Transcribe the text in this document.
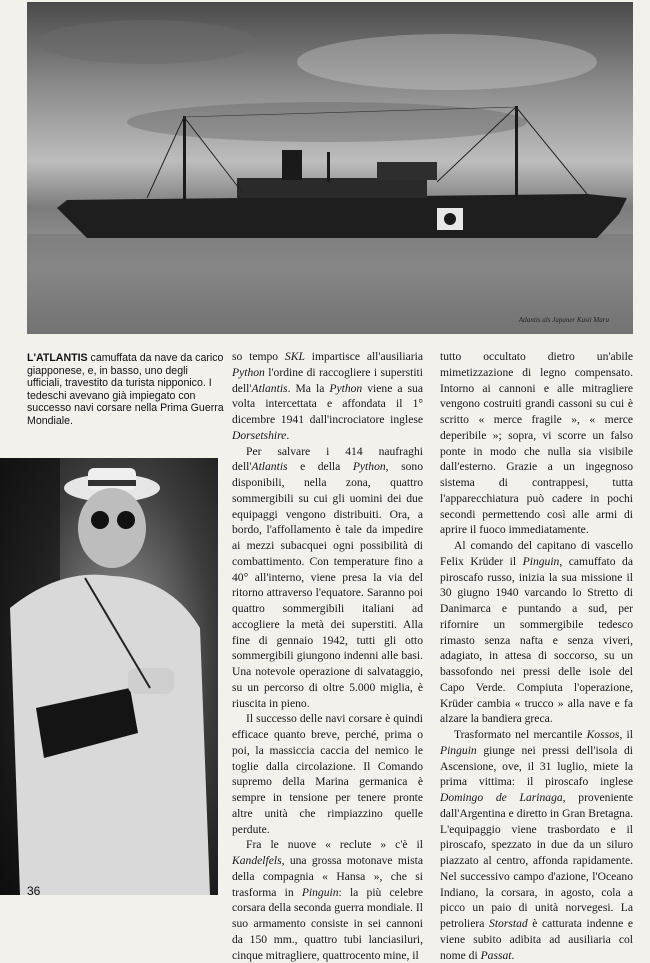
Atlantis als Japaner Kasii Maru
L'ATLANTIS camuffata da nave da carico giapponese, e, in basso, uno degli ufficiali, travestito da turista nipponico. I tedeschi avevano già impiegato con successo navi corsare nella Prima Guerra Mondiale.

so tempo SKL impartisce all'ausiliaria Python l'ordine di raccogliere i superstiti dell'Atlantis. Ma la Python viene a sua volta intercettata e affondata il 1° dicembre 1941 dall'incrociatore inglese Dorsetshire.

Per salvare i 414 naufraghi dell'Atlantis e della Python, sono disponibili, nella zona, quattro sommergibili su cui gli uomini dei due equipaggi vengono distribuiti. Ora, a bordo, l'affollamento è tale da impedire ai mezzi subacquei ogni possibilità di combattimento. Con temperature fino a 40° all'interno, viene presa la via del ritorno attraverso l'equatore. Saranno poi quattro sommergibili italiani ad accogliere la metà dei superstiti. Alla fine di gennaio 1942, tutti gli otto sommergibili giungono indenni alle basi. Una notevole operazione di salvataggio, su un percorso di oltre 5.000 miglia, è riuscita in pieno.

Il successo delle navi corsare è quindi efficace quanto breve, perché, prima o poi, la massiccia caccia del nemico le toglie dalla circolazione. Il Comando supremo della Marina germanica è sempre in tensione per tenere pronte altre unità che rimpiazzino quelle perdute.

Fra le nuove « reclute » c'è il Kandelfels, una grossa motonave mista della compagnia « Hansa », che si trasforma in Pinguin: la più celebre corsara della seconda guerra mondiale. Il suo armamento consiste in sei cannoni da 150 mm., quattro tubi lanciasiluri, cinque mitragliere, quattrocento mine, il

tutto occultato dietro un'abile mimetizzazione di legno compensato. Intorno ai cannoni e alle mitragliere vengono costruiti grandi cassoni su cui è scritto « merce fragile », « merce deperibile »; sopra, vi scorre un falso ponte in modo che nulla sia visibile dall'esterno. Grazie a un ingegnoso sistema di contrappesi, tutta l'apparecchiatura può cadere in pochi secondi permettendo così alle armi di aprire il fuoco immediatamente.

Al comando del capitano di vascello Felix Krüder il Pinguin, camuffato da piroscafo russo, inizia la sua missione il 30 giugno 1940 varcando lo Stretto di Danimarca e puntando a sud, per rifornire un sommergibile tedesco rimasto senza nafta e senza viveri, adagiato, in attesa di soccorso, su un bassofondo nei pressi delle isole del Capo Verde. Compiuta l'operazione, Krüder cambia « trucco » alla nave e fa alzare la bandiera greca.

Trasformato nel mercantile Kossos, il Pinguin giunge nei pressi dell'isola di Ascensione, ove, il 31 luglio, miete la prima vittima: il piroscafo inglese Domingo de Larinaga, proveniente dall'Argentina e diretto in Gran Bretagna. L'equipaggio viene trasbordato e il piroscafo, spezzato in due da un siluro piazzato al centro, affonda rapidamente. Nel successivo campo d'azione, l'Oceano Indiano, la corsara, in agosto, cola a picco un paio di unità norvegesi. La petroliera Storstad è catturata indenne e viene subito adibita ad ausiliaria col nome di Passat.

36
